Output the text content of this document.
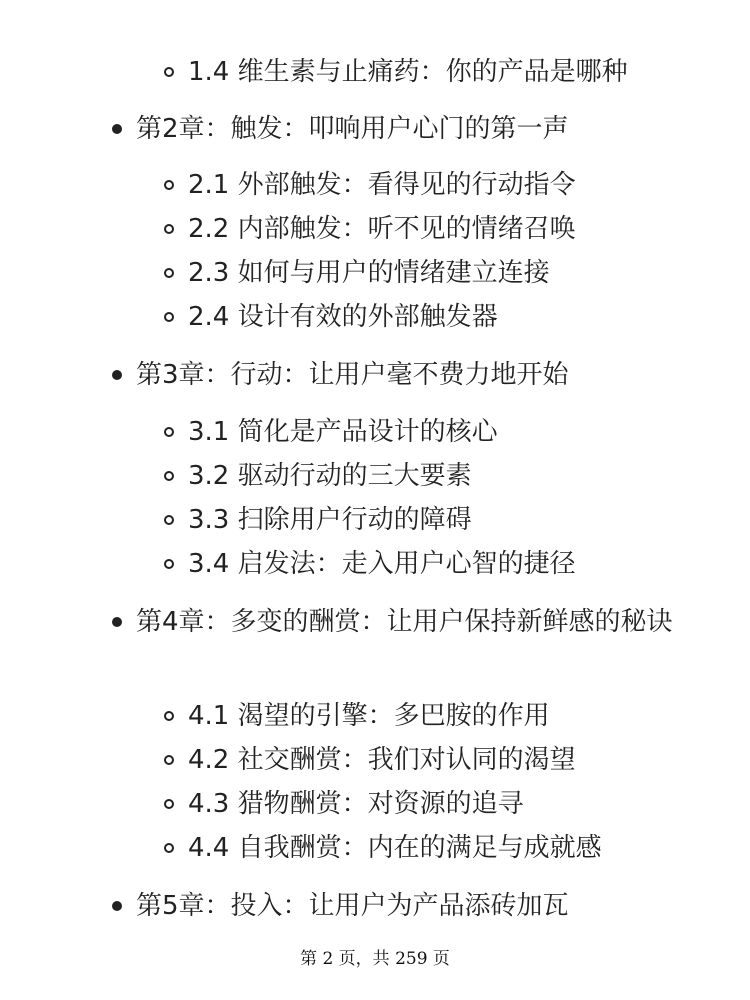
1.4 维生素与止痛药：你的产品是哪种
第2章：触发：叩响用户心门的第一声
2.1 外部触发：看得见的行动指令
2.2 内部触发：听不见的情绪召唤
2.3 如何与用户的情绪建立连接
2.4 设计有效的外部触发器
第3章：行动：让用户毫不费力地开始
3.1 简化是产品设计的核心
3.2 驱动行动的三大要素
3.3 扫除用户行动的障碍
3.4 启发法：走入用户心智的捷径
第4章：多变的酬赏：让用户保持新鲜感的秘诀
4.1 渴望的引擎：多巴胺的作用
4.2 社交酬赏：我们对认同的渴望
4.3 猎物酬赏：对资源的追寻
4.4 自我酬赏：内在的满足与成就感
第5章：投入：让用户为产品添砖加瓦
第 2 页，共 259 页
